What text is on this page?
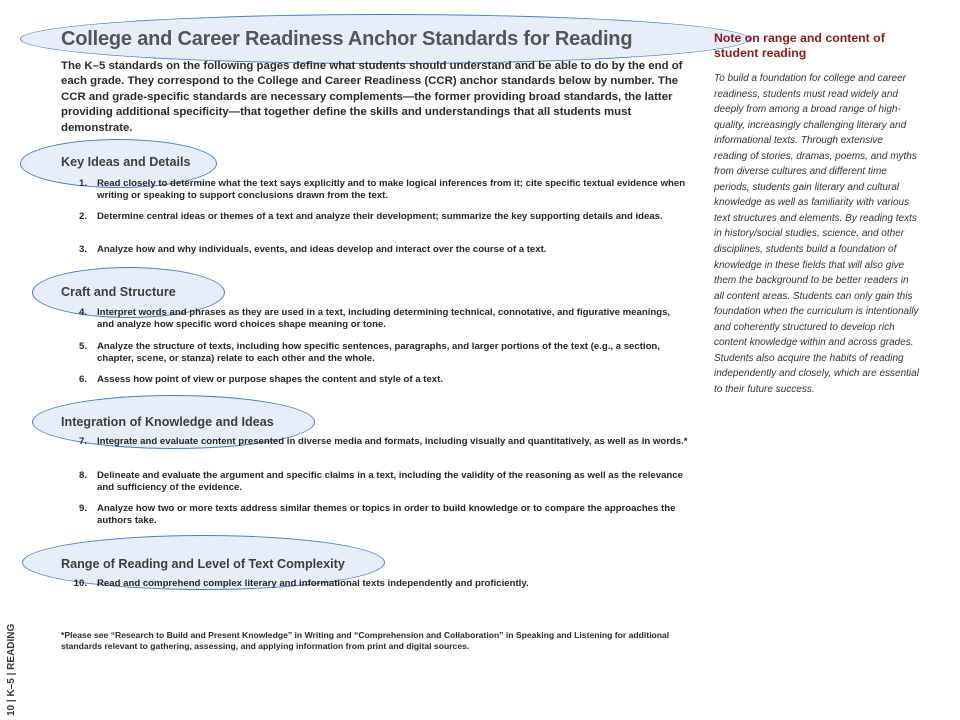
College and Career Readiness Anchor Standards for Reading
The K–5 standards on the following pages define what students should understand and be able to do by the end of each grade. They correspond to the College and Career Readiness (CCR) anchor standards below by number. The CCR and grade-specific standards are necessary complements—the former providing broad standards, the latter providing additional specificity—that together define the skills and understandings that all students must demonstrate.
Key Ideas and Details
1. Read closely to determine what the text says explicitly and to make logical inferences from it; cite specific textual evidence when writing or speaking to support conclusions drawn from the text.
2. Determine central ideas or themes of a text and analyze their development; summarize the key supporting details and ideas.
3. Analyze how and why individuals, events, and ideas develop and interact over the course of a text.
Craft and Structure
4. Interpret words and phrases as they are used in a text, including determining technical, connotative, and figurative meanings, and analyze how specific word choices shape meaning or tone.
5. Analyze the structure of texts, including how specific sentences, paragraphs, and larger portions of the text (e.g., a section, chapter, scene, or stanza) relate to each other and the whole.
6. Assess how point of view or purpose shapes the content and style of a text.
Integration of Knowledge and Ideas
7. Integrate and evaluate content presented in diverse media and formats, including visually and quantitatively, as well as in words.*
8. Delineate and evaluate the argument and specific claims in a text, including the validity of the reasoning as well as the relevance and sufficiency of the evidence.
9. Analyze how two or more texts address similar themes or topics in order to build knowledge or to compare the approaches the authors take.
Range of Reading and Level of Text Complexity
10. Read and comprehend complex literary and informational texts independently and proficiently.
*Please see “Research to Build and Present Knowledge” in Writing and “Comprehension and Collaboration” in Speaking and Listening for additional standards relevant to gathering, assessing, and applying information from print and digital sources.
Note on range and content of student reading
To build a foundation for college and career readiness, students must read widely and deeply from among a broad range of high-quality, increasingly challenging literary and informational texts. Through extensive reading of stories, dramas, poems, and myths from diverse cultures and different time periods, students gain literary and cultural knowledge as well as familiarity with various text structures and elements. By reading texts in history/social studies, science, and other disciplines, students build a foundation of knowledge in these fields that will also give them the background to be better readers in all content areas. Students can only gain this foundation when the curriculum is intentionally and coherently structured to develop rich content knowledge within and across grades. Students also acquire the habits of reading independently and closely, which are essential to their future success.
10 | K–5 | READING
